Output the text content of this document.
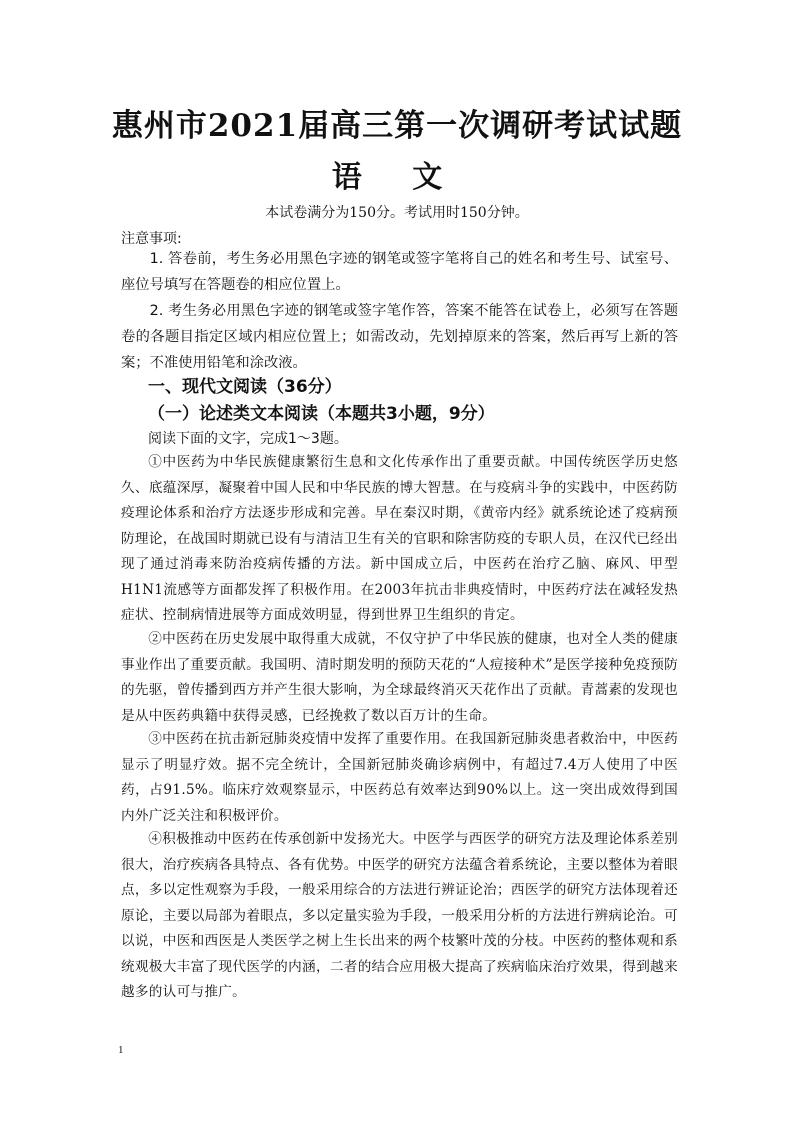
惠州市2021届高三第一次调研考试试题
语 文
本试卷满分为150分。考试用时150分钟。
注意事项:
1. 答卷前，考生务必用黑色字迹的钢笔或签字笔将自己的姓名和考生号、试室号、座位号填写在答题卷的相应位置上。
2. 考生务必用黑色字迹的钢笔或签字笔作答，答案不能答在试卷上，必须写在答题卷的各题目指定区域内相应位置上；如需改动，先划掉原来的答案，然后再写上新的答案；不准使用铅笔和涂改液。
一、现代文阅读（36分）
（一）论述类文本阅读（本题共3小题，9分）
阅读下面的文字，完成1～3题。
①中医药为中华民族健康繁衍生息和文化传承作出了重要贡献。中国传统医学历史悠久、底蕴深厚，凝聚着中国人民和中华民族的博大智慧。在与疫病斗争的实践中，中医药防疫理论体系和治疗方法逐步形成和完善。早在秦汉时期，《黄帝内经》就系统论述了疫病预防理论，在战国时期就已设有与清洁卫生有关的官职和除害防疫的专职人员，在汉代已经出现了通过消毒来防治疫病传播的方法。新中国成立后，中医药在治疗乙脑、麻风、甲型H1N1流感等方面都发挥了积极作用。在2003年抗击非典疫情时，中医药疗法在减轻发热症状、控制病情进展等方面成效明显，得到世界卫生组织的肯定。
②中医药在历史发展中取得重大成就，不仅守护了中华民族的健康，也对全人类的健康事业作出了重要贡献。我国明、清时期发明的预防天花的“人痘接种术”是医学接种免疫预防的先驱，曾传播到西方并产生很大影响，为全球最终消灭天花作出了贡献。青蒿素的发现也是从中医药典籍中获得灵感，已经挽救了数以百万计的生命。
③中医药在抗击新冠肺炎疫情中发挥了重要作用。在我国新冠肺炎患者救治中，中医药显示了明显疗效。据不完全统计，全国新冠肺炎确诊病例中，有超过7.4万人使用了中医药，占91.5%。临床疗效观察显示，中医药总有效率达到90%以上。这一突出成效得到国内外广泛关注和积极评价。
④积极推动中医药在传承创新中发扬光大。中医学与西医学的研究方法及理论体系差别很大，治疗疾病各具特点、各有优势。中医学的研究方法蕴含着系统论，主要以整体为着眼点，多以定性观察为手段，一般采用综合的方法进行辨证论治；西医学的研究方法体现着还原论，主要以局部为着眼点，多以定量实验为手段，一般采用分析的方法进行辨病论治。可以说，中医和西医是人类医学之树上生长出来的两个枝繁叶茂的分枝。中医药的整体观和系统观极大丰富了现代医学的内涵，二者的结合应用极大提高了疾病临床治疗效果，得到越来越多的认可与推广。
1
